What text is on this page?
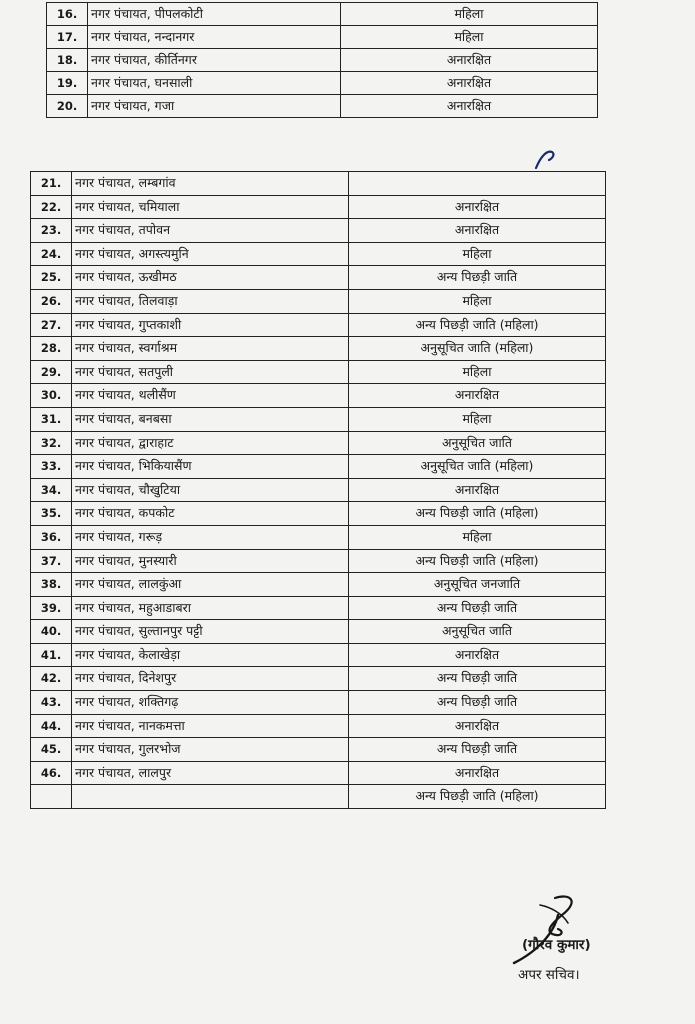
16.	नगर पंचायत, पीपलकोटी	महिला
17.	नगर पंचायत, नन्दानगर	महिला
18.	नगर पंचायत, कीर्तिनगर	अनारक्षित
19.	नगर पंचायत, घनसाली	अनारक्षित
20.	नगर पंचायत, गजा	अनारक्षित
21.	नगर पंचायत, लम्बगांव	
22.	नगर पंचायत, चमियाला	अनारक्षित
23.	नगर पंचायत, तपोवन	अनारक्षित
24.	नगर पंचायत, अगस्त्यमुनि	महिला
25.	नगर पंचायत, ऊखीमठ	अन्य पिछड़ी जाति
26.	नगर पंचायत, तिलवाड़ा	महिला
27.	नगर पंचायत, गुप्तकाशी	अन्य पिछड़ी जाति (महिला)
28.	नगर पंचायत, स्वर्गाश्रम	अनुसूचित जाति (महिला)
29.	नगर पंचायत, सतपुली	महिला
30.	नगर पंचायत, थलीसैंण	अनारक्षित
31.	नगर पंचायत, बनबसा	महिला
32.	नगर पंचायत, द्वाराहाट	अनुसूचित जाति
33.	नगर पंचायत, भिकियासैंण	अनुसूचित जाति (महिला)
34.	नगर पंचायत, चौखुटिया	अनारक्षित
35.	नगर पंचायत, कपकोट	अन्य पिछड़ी जाति (महिला)
36.	नगर पंचायत, गरूड़	महिला
37.	नगर पंचायत, मुनस्यारी	अन्य पिछड़ी जाति (महिला)
38.	नगर पंचायत, लालकुंआ	अनुसूचित जनजाति
39.	नगर पंचायत, महुआडाबरा	अन्य पिछड़ी जाति
40.	नगर पंचायत, सुल्तानपुर पट्टी	अनुसूचित जाति
41.	नगर पंचायत, केलाखेड़ा	अनारक्षित
42.	नगर पंचायत, दिनेशपुर	अन्य पिछड़ी जाति
43.	नगर पंचायत, शक्तिगढ़	अन्य पिछड़ी जाति
44.	नगर पंचायत, नानकमत्ता	अनारक्षित
45.	नगर पंचायत, गुलरभोज	अन्य पिछड़ी जाति
46.	नगर पंचायत, लालपुर	अनारक्षित
		अन्य पिछड़ी जाति (महिला)
(गौरव कुमार)
अपर सचिव।
